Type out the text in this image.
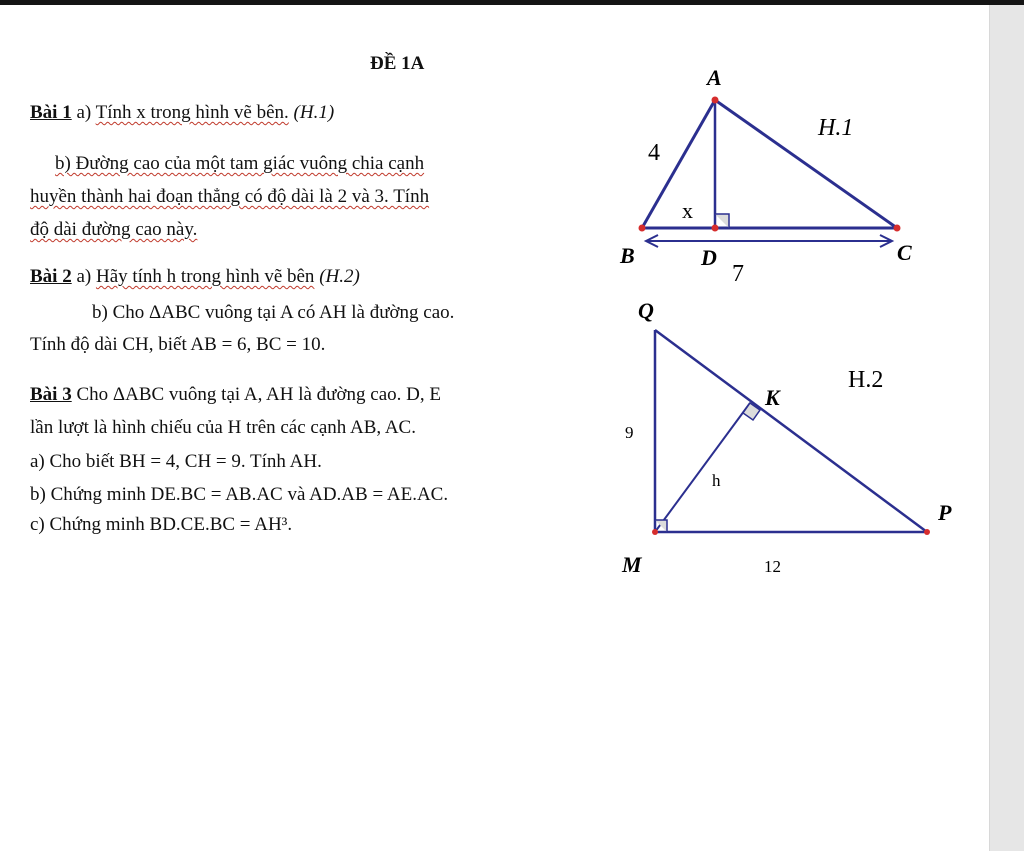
ĐỀ 1A
Bài 1 a) Tính x trong hình vẽ bên. (H.1)
b) Đường cao của một tam giác vuông chia cạnh
huyền thành hai đoạn thẳng có độ dài là 2 và 3. Tính
độ dài đường cao này.
Bài 2 a) Hãy tính h trong hình vẽ bên (H.2)
b) Cho ΔABC vuông tại A có AH là đường cao.
Tính độ dài CH, biết AB = 6, BC = 10.
Bài 3 Cho ΔABC vuông tại A, AH là đường cao. D, E
lần lượt là hình chiếu của H trên các cạnh AB, AC.
a) Cho biết BH = 4, CH = 9. Tính AH.
b) Chứng minh DE.BC = AB.AC và AD.AB = AE.AC.
c) Chứng minh BD.CE.BC = AH³.
A
B	C
D
H.1
4
x
7
Q
K
P
M
H.2
9
h
12
